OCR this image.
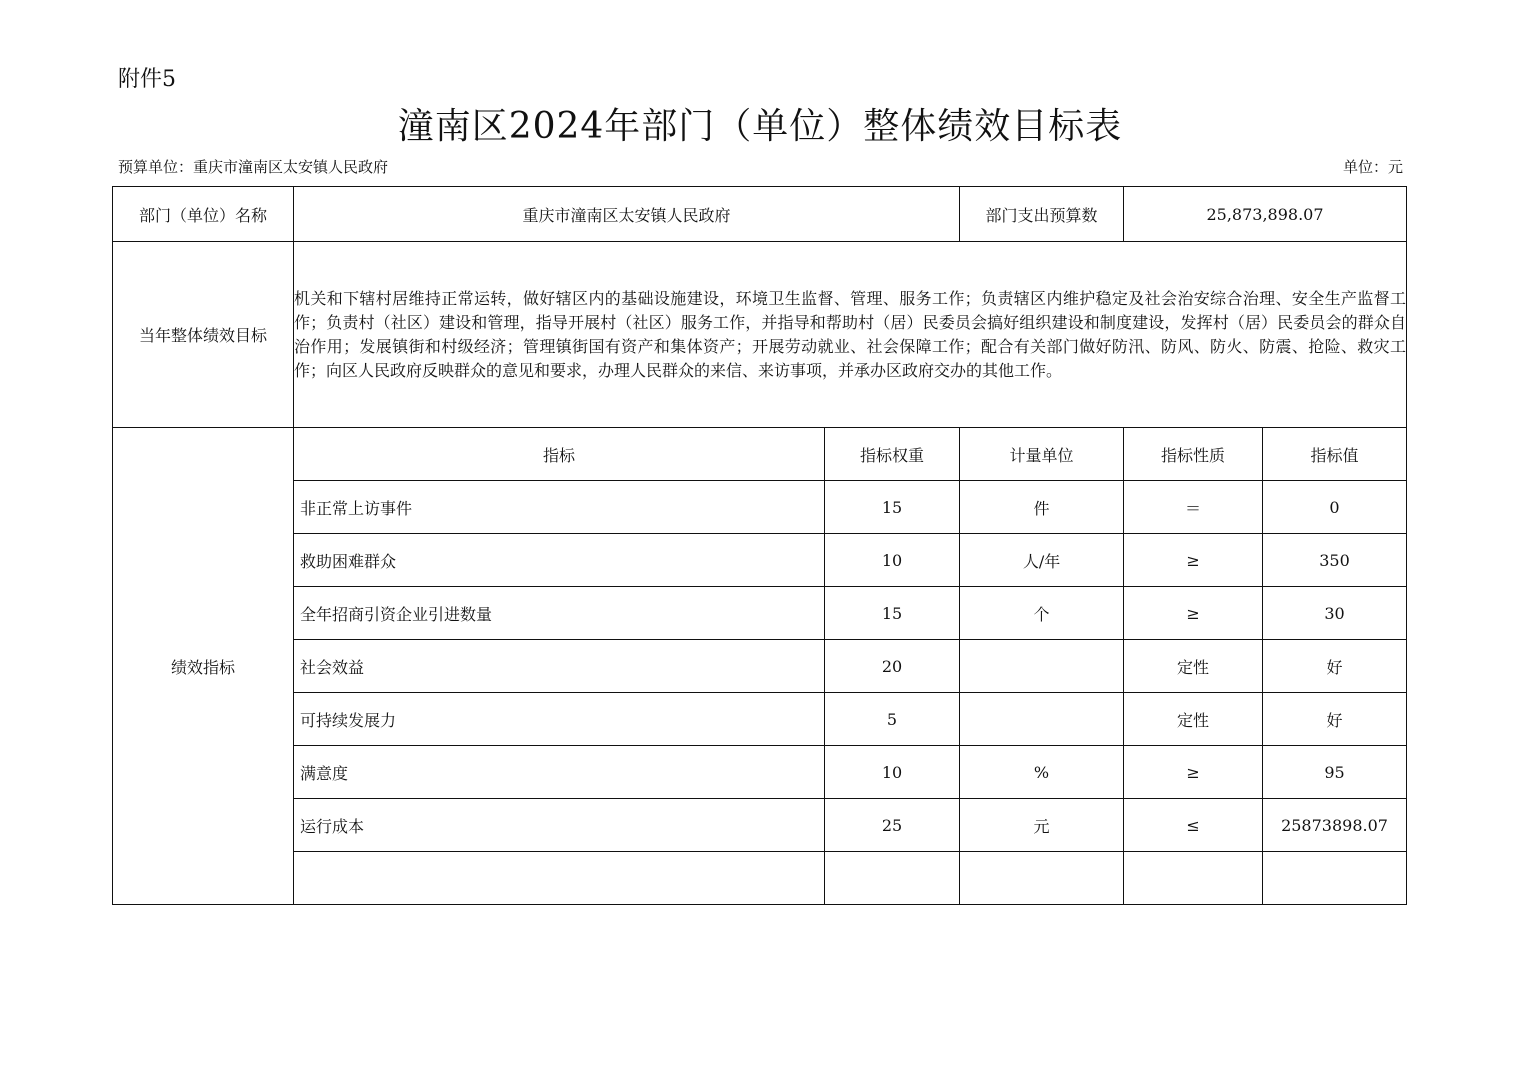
附件5
潼南区2024年部门（单位）整体绩效目标表
预算单位：重庆市潼南区太安镇人民政府	单位：元
部门（单位）名称	重庆市潼南区太安镇人民政府		部门支出预算数	25,873,898.07	
当年整体绩效目标	机关和下辖村居维持正常运转，做好辖区内的基础设施建设，环境卫生监督、管理、服务工作；负责辖区内维护稳定及社会治安综合治理、安全生产监督工作；负责村（社区）建设和管理，指导开展村（社区）服务工作，并指导和帮助村（居）民委员会搞好组织建设和制度建设，发挥村（居）民委员会的群众自治作用；发展镇街和村级经济；管理镇街国有资产和集体资产；开展劳动就业、社会保障工作；配合有关部门做好防汛、防风、防火、防震、抢险、救灾工作；向区人民政府反映群众的意见和要求，办理人民群众的来信、来访事项，并承办区政府交办的其他工作。				
绩效指标	指标	指标权重	计量单位	指标性质	指标值
	非正常上访事件	15	件	＝	0
	救助困难群众	10	人/年	≥	350
	全年招商引资企业引进数量	15	个	≥	30
	社会效益	20		定性	好
	可持续发展力	5		定性	好
	满意度	10	%	≥	95
	运行成本	25	元	≤	25873898.07
